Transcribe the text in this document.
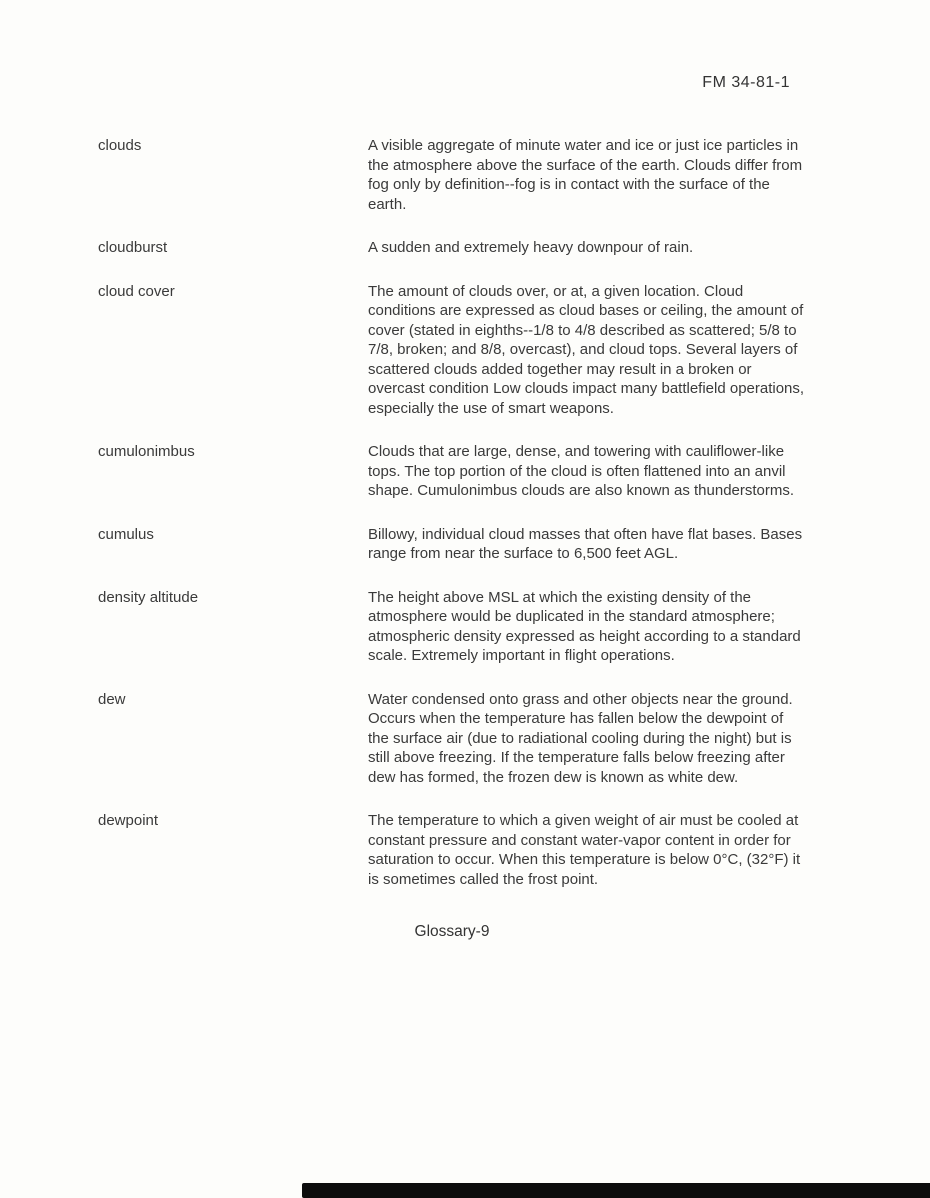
FM 34-81-1
clouds	A visible aggregate of minute water and ice or just ice particles in the atmosphere above the surface of the earth. Clouds differ from fog only by definition--fog is in contact with the surface of the earth.
cloudburst	A sudden and extremely heavy downpour of rain.
cloud cover	The amount of clouds over, or at, a given location. Cloud conditions are expressed as cloud bases or ceiling, the amount of cover (stated in eighths--1/8 to 4/8 described as scattered; 5/8 to 7/8, broken; and 8/8, overcast), and cloud tops. Several layers of scattered clouds added together may result in a broken or overcast condition Low clouds impact many battlefield operations, especially the use of smart weapons.
cumulonimbus	Clouds that are large, dense, and towering with cauliflower-like tops. The top portion of the cloud is often flattened into an anvil shape. Cumulonimbus clouds are also known as thunderstorms.
cumulus	Billowy, individual cloud masses that often have flat bases. Bases range from near the surface to 6,500 feet AGL.
density altitude	The height above MSL at which the existing density of the atmosphere would be duplicated in the standard atmosphere; atmospheric density expressed as height according to a standard scale. Extremely important in flight operations.
dew	Water condensed onto grass and other objects near the ground. Occurs when the temperature has fallen below the dewpoint of the surface air (due to radiational cooling during the night) but is still above freezing. If the temperature falls below freezing after dew has formed, the frozen dew is known as white dew.
dewpoint	The temperature to which a given weight of air must be cooled at constant pressure and constant water-vapor content in order for saturation to occur. When this temperature is below 0°C, (32°F) it is sometimes called the frost point.
Glossary-9
